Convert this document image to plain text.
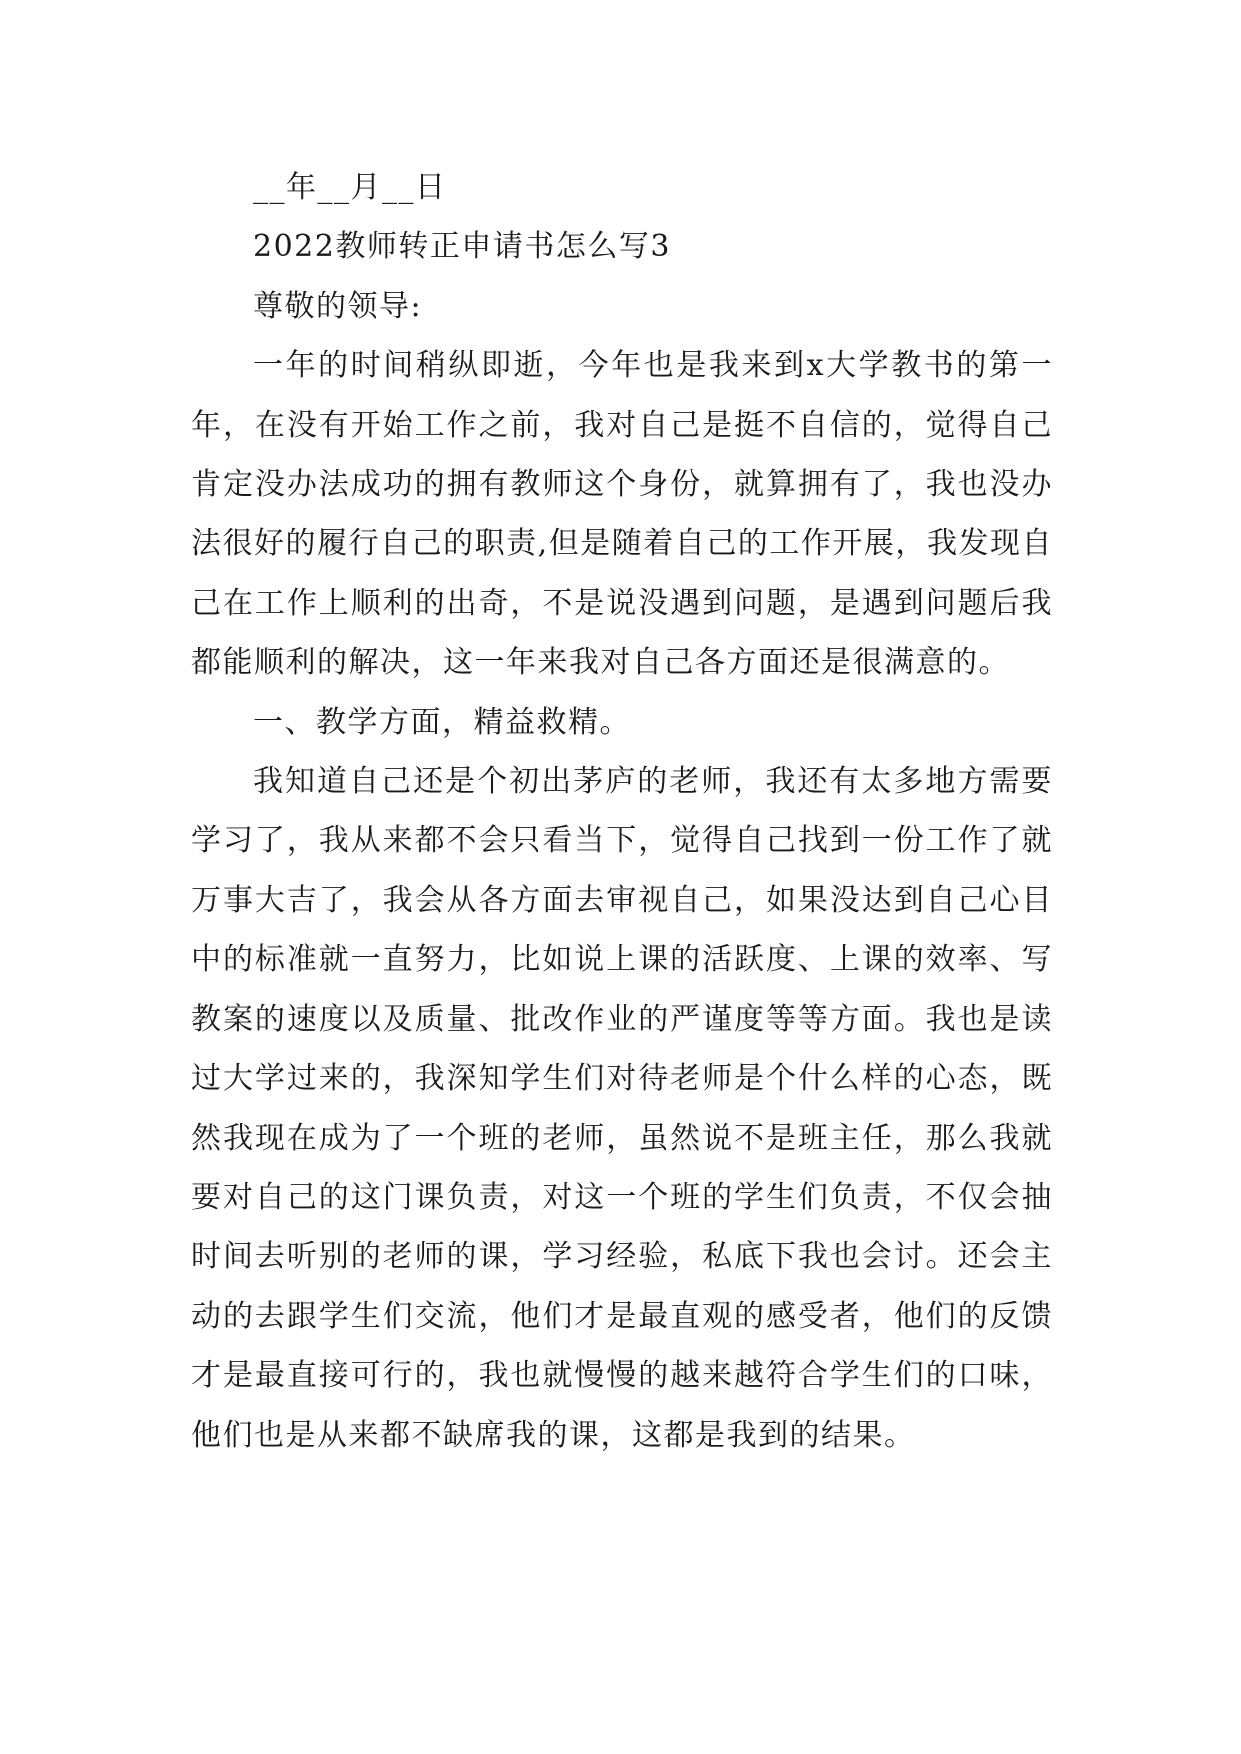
__年__月__日

2022教师转正申请书怎么写3

尊敬的领导:

一年的时间稍纵即逝，今年也是我来到x大学教书的第一年，在没有开始工作之前，我对自己是挺不自信的，觉得自己肯定没办法成功的拥有教师这个身份，就算拥有了，我也没办法很好的履行自己的职责,但是随着自己的工作开展，我发现自己在工作上顺利的出奇，不是说没遇到问题，是遇到问题后我都能顺利的解决，这一年来我对自己各方面还是很满意的。

一、教学方面，精益救精。

我知道自己还是个初出茅庐的老师，我还有太多地方需要学习了，我从来都不会只看当下，觉得自己找到一份工作了就万事大吉了，我会从各方面去审视自己，如果没达到自己心目中的标准就一直努力，比如说上课的活跃度、上课的效率、写教案的速度以及质量、批改作业的严谨度等等方面。我也是读过大学过来的，我深知学生们对待老师是个什么样的心态，既然我现在成为了一个班的老师，虽然说不是班主任，那么我就要对自己的这门课负责，对这一个班的学生们负责，不仅会抽时间去听别的老师的课，学习经验，私底下我也会讨。还会主动的去跟学生们交流，他们才是最直观的感受者，他们的反馈才是最直接可行的，我也就慢慢的越来越符合学生们的口味，他们也是从来都不缺席我的课，这都是我到的结果。
